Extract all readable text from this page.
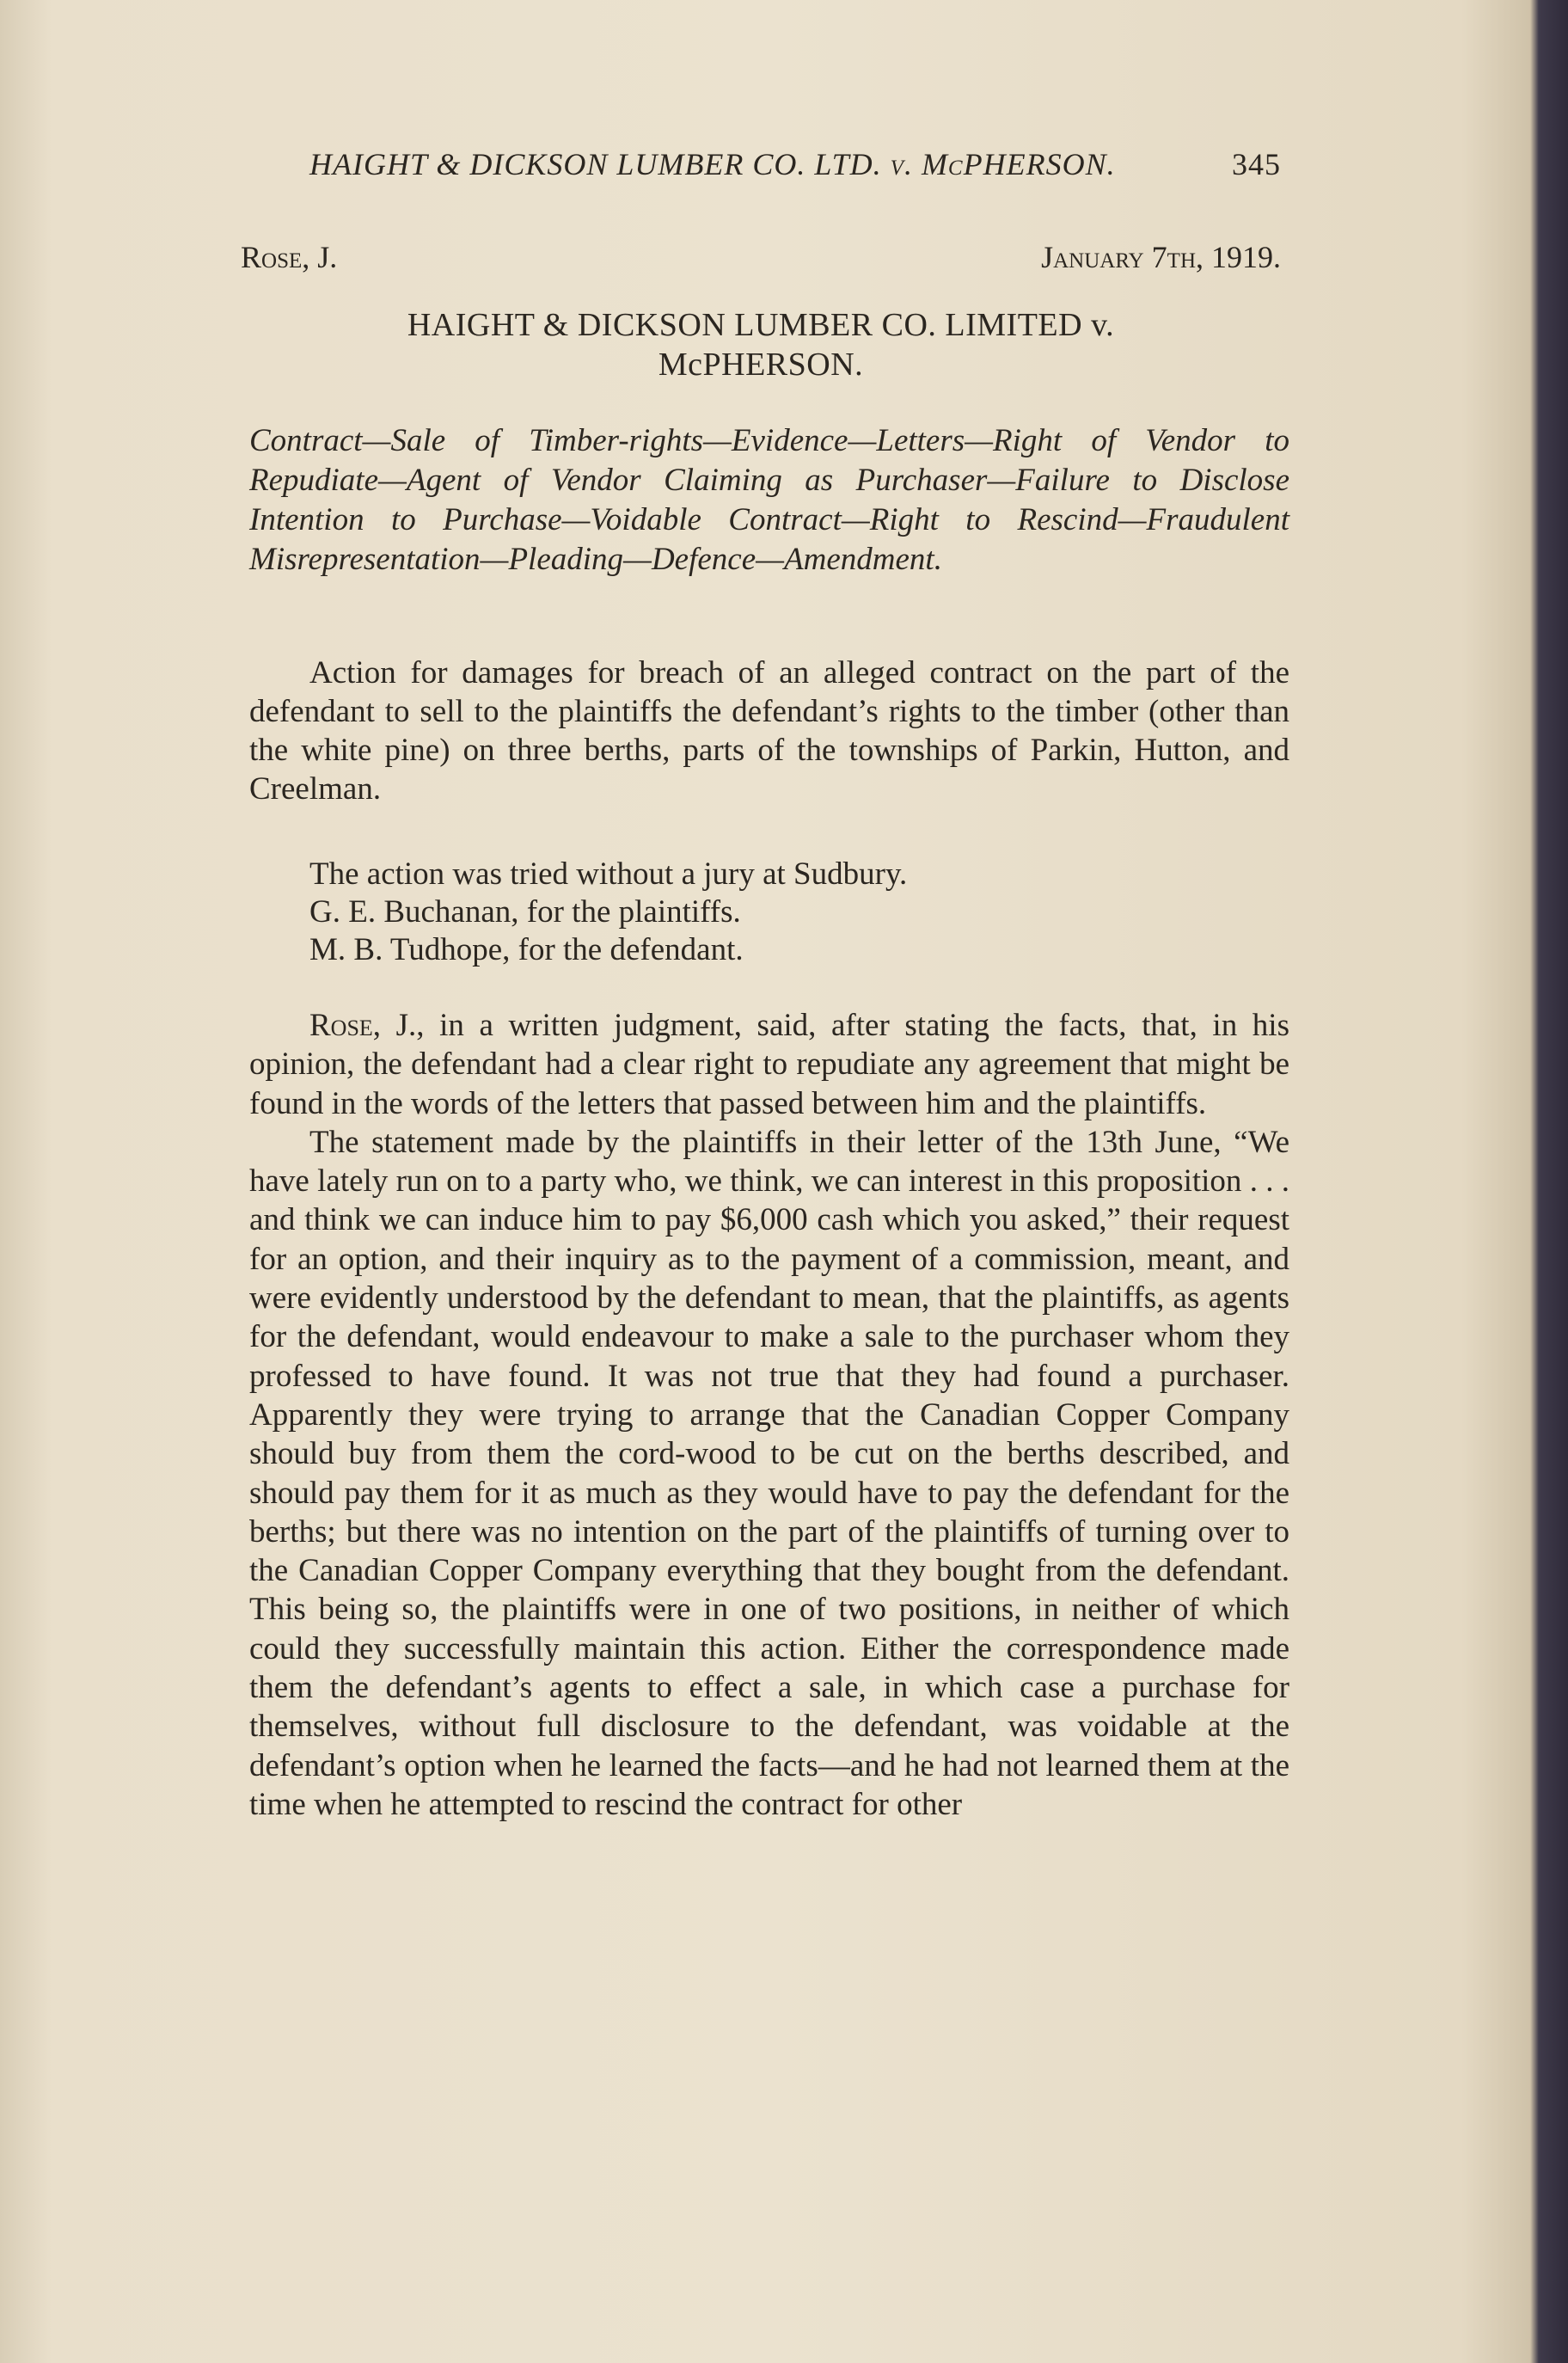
HAIGHT & DICKSON LUMBER CO. LTD. v. McPHERSON.	345
Rose, J.	January 7th, 1919.
HAIGHT & DICKSON LUMBER CO. LIMITED v.
McPHERSON.
Contract—Sale of Timber-rights—Evidence—Letters—Right of Vendor to Repudiate—Agent of Vendor Claiming as Purchaser—Failure to Disclose Intention to Purchase—Voidable Contract—Right to Rescind—Fraudulent Misrepresentation—Pleading—Defence—Amendment.

Action for damages for breach of an alleged contract on the part of the defendant to sell to the plaintiffs the defendant’s rights to the timber (other than the white pine) on three berths, parts of the townships of Parkin, Hutton, and Creelman.

The action was tried without a jury at Sudbury.

G. E. Buchanan, for the plaintiffs.

M. B. Tudhope, for the defendant.

Rose, J., in a written judgment, said, after stating the facts, that, in his opinion, the defendant had a clear right to repudiate any agreement that might be found in the words of the letters that passed between him and the plaintiffs.

The statement made by the plaintiffs in their letter of the 13th June, “We have lately run on to a party who, we think, we can interest in this proposition . . . and think we can induce him to pay $6,000 cash which you asked,” their request for an option, and their inquiry as to the payment of a commission, meant, and were evidently understood by the defendant to mean, that the plaintiffs, as agents for the defendant, would endeavour to make a sale to the purchaser whom they professed to have found. It was not true that they had found a purchaser. Apparently they were trying to arrange that the Canadian Copper Company should buy from them the cord-wood to be cut on the berths described, and should pay them for it as much as they would have to pay the defendant for the berths; but there was no intention on the part of the plaintiffs of turning over to the Canadian Copper Company everything that they bought from the defendant. This being so, the plaintiffs were in one of two positions, in neither of which could they successfully maintain this action. Either the correspondence made them the defendant’s agents to effect a sale, in which case a purchase for themselves, without full disclosure to the defendant, was voidable at the defendant’s option when he learned the facts—and he had not learned them at the time when he attempted to rescind the contract for other
